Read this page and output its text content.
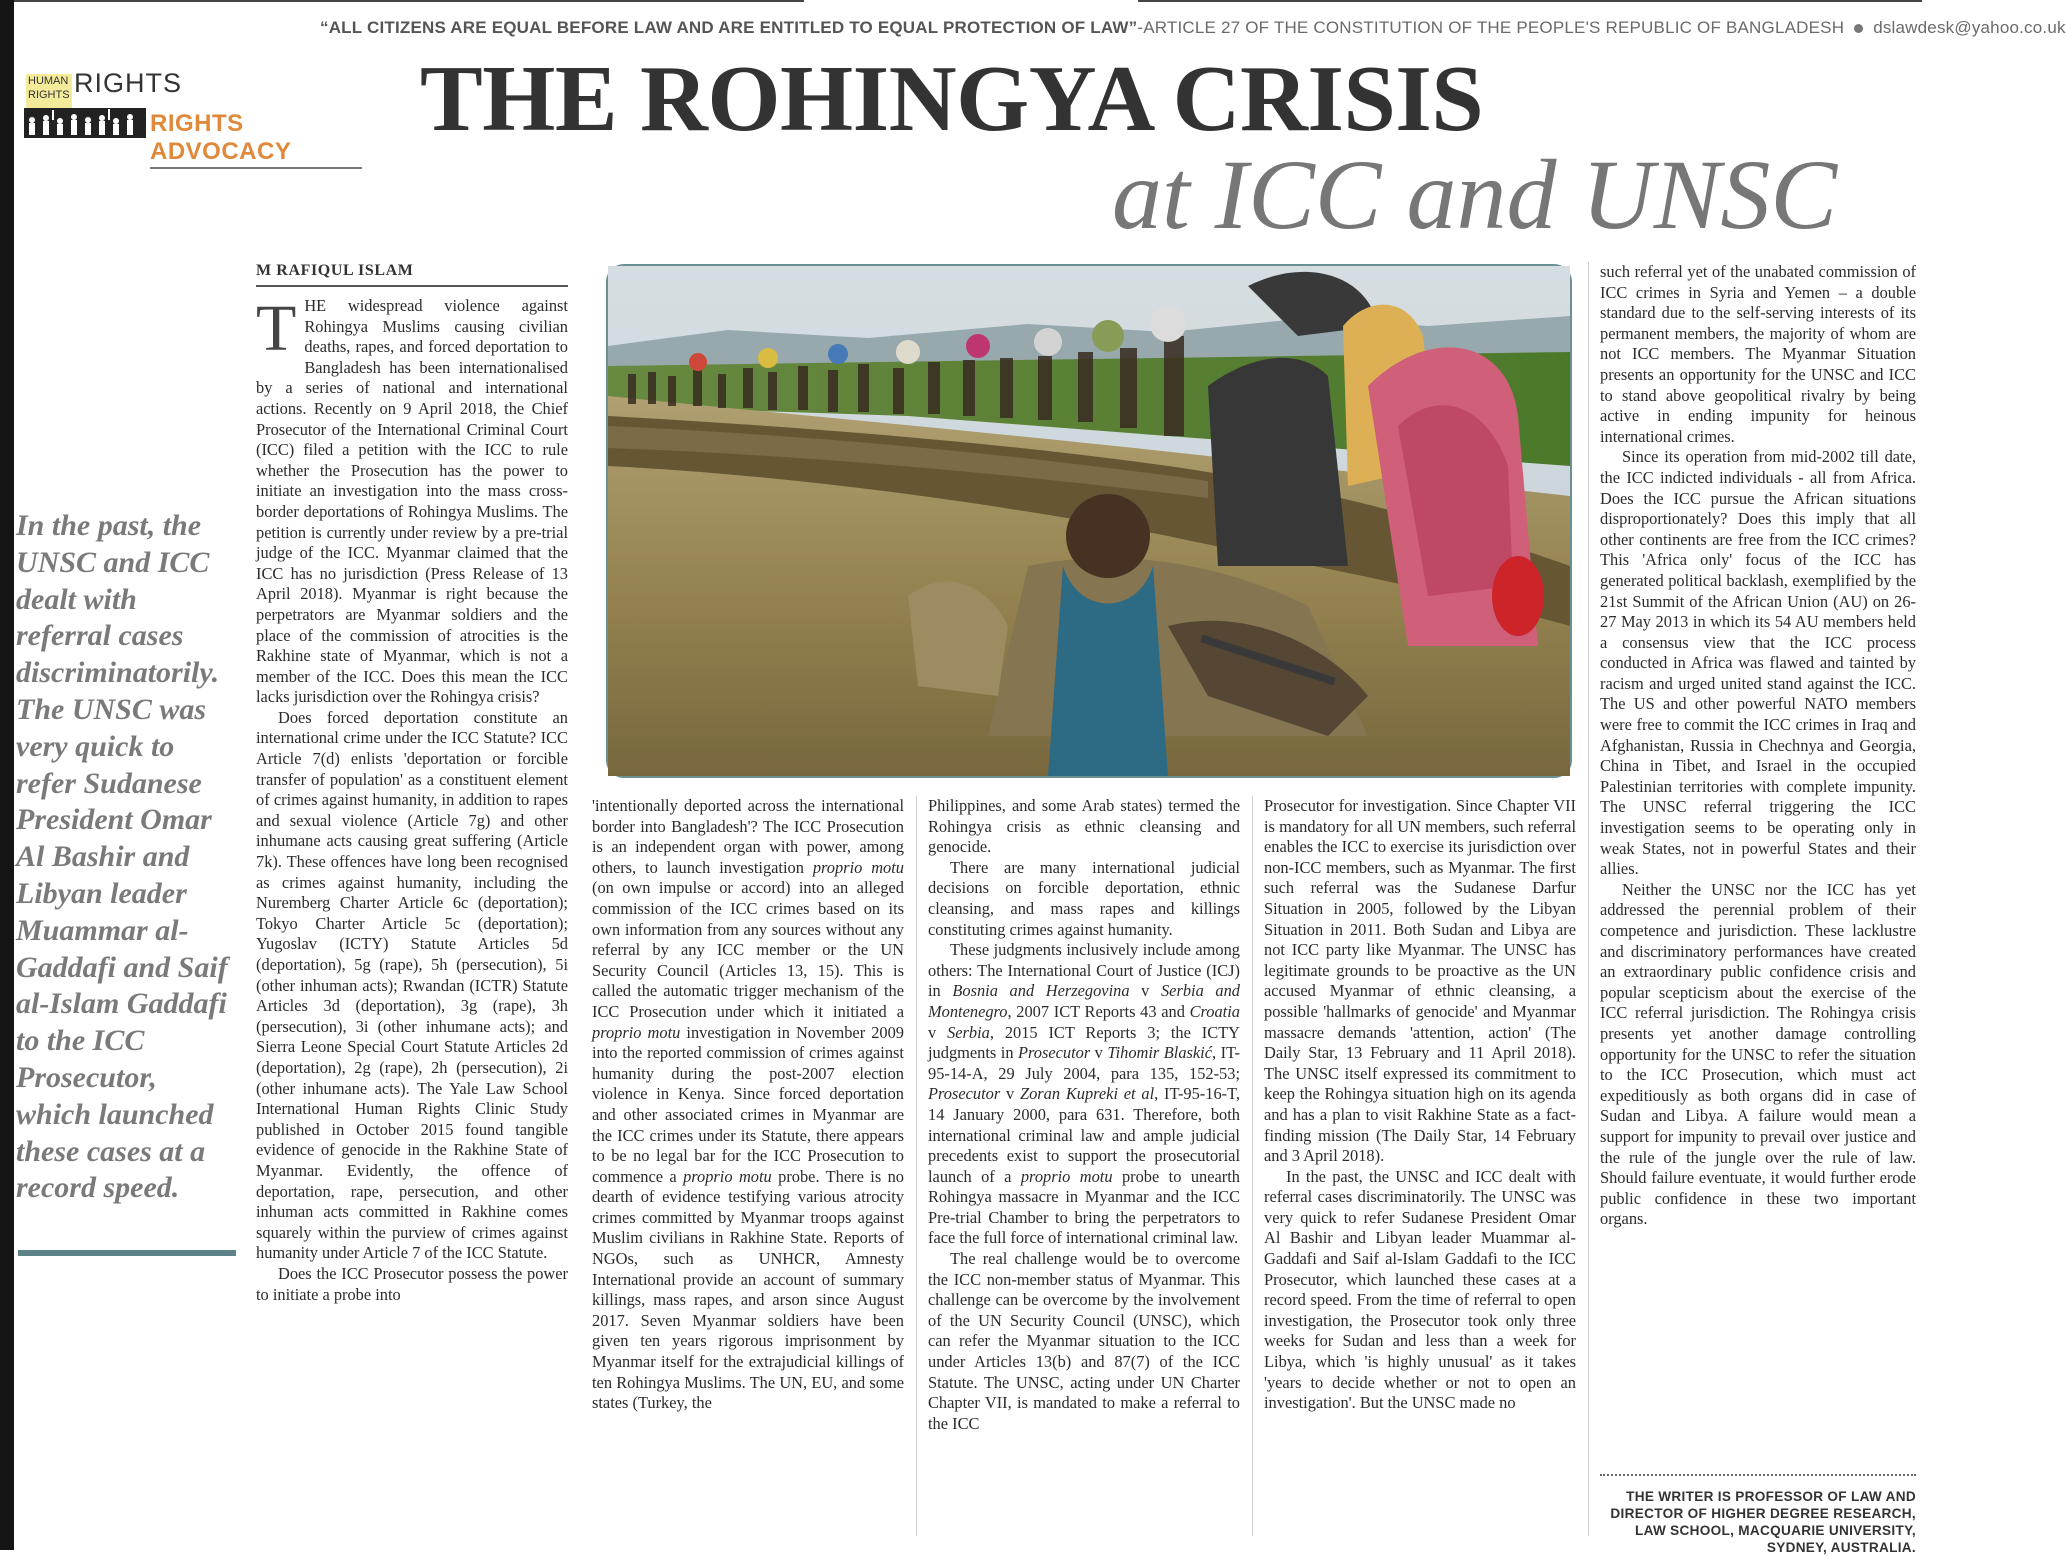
“ALL CITIZENS ARE EQUAL BEFORE LAW AND ARE ENTITLED TO EQUAL PROTECTION OF LAW”-ARTICLE 27 OF THE CONSTITUTION OF THE PEOPLE'S REPUBLIC OF BANGLADESH dslawdesk@yahoo.co.uk
HUMAN
RIGHTS RIGHTS
RIGHTS ADVOCACY
THE ROHINGYA CRISIS
at ICC and UNSC
M RAFIQUL ISLAM
In the past, the UNSC and ICC dealt with referral cases discriminatorily. The UNSC was very quick to refer Sudanese President Omar Al Bashir and Libyan leader Muammar al-Gaddafi and Saif al-Islam Gaddafi to the ICC Prosecutor, which launched these cases at a record speed.

THE widespread violence against Rohingya Muslims causing civilian deaths, rapes, and forced deportation to Bangladesh has been internationalised by a series of national and international actions. Recently on 9 April 2018, the Chief Prosecutor of the International Criminal Court (ICC) filed a petition with the ICC to rule whether the Prosecution has the power to initiate an investigation into the mass cross-border deportations of Rohingya Muslims. The petition is currently under review by a pre-trial judge of the ICC. Myanmar claimed that the ICC has no jurisdiction (Press Release of 13 April 2018). Myanmar is right because the perpetrators are Myanmar soldiers and the place of the commission of atrocities is the Rakhine state of Myanmar, which is not a member of the ICC. Does this mean the ICC lacks jurisdiction over the Rohingya crisis?

Does forced deportation constitute an international crime under the ICC Statute? ICC Article 7(d) enlists 'deportation or forcible transfer of population' as a constituent element of crimes against humanity, in addition to rapes and sexual violence (Article 7g) and other inhumane acts causing great suffering (Article 7k). These offences have long been recognised as crimes against humanity, including the Nuremberg Charter Article 6c (deportation); Tokyo Charter Article 5c (deportation); Yugoslav (ICTY) Statute Articles 5d (deportation), 5g (rape), 5h (persecution), 5i (other inhuman acts); Rwandan (ICTR) Statute Articles 3d (deportation), 3g (rape), 3h (persecution), 3i (other inhumane acts); and Sierra Leone Special Court Statute Articles 2d (deportation), 2g (rape), 2h (persecution), 2i (other inhumane acts). The Yale Law School International Human Rights Clinic Study published in October 2015 found tangible evidence of genocide in the Rakhine State of Myanmar. Evidently, the offence of deportation, rape, persecution, and other inhuman acts committed in Rakhine comes squarely within the purview of crimes against humanity under Article 7 of the ICC Statute.

Does the ICC Prosecutor possess the power to initiate a probe into

'intentionally deported across the international border into Bangladesh'? The ICC Prosecution is an independent organ with power, among others, to launch investigation proprio motu (on own impulse or accord) into an alleged commission of the ICC crimes based on its own information from any sources without any referral by any ICC member or the UN Security Council (Articles 13, 15). This is called the automatic trigger mechanism of the ICC Prosecution under which it initiated a proprio motu investigation in November 2009 into the reported commission of crimes against humanity during the post-2007 election violence in Kenya. Since forced deportation and other associated crimes in Myanmar are the ICC crimes under its Statute, there appears to be no legal bar for the ICC Prosecution to commence a proprio motu probe. There is no dearth of evidence testifying various atrocity crimes committed by Myanmar troops against Muslim civilians in Rakhine State. Reports of NGOs, such as UNHCR, Amnesty International provide an account of summary killings, mass rapes, and arson since August 2017. Seven Myanmar soldiers have been given ten years rigorous imprisonment by Myanmar itself for the extrajudicial killings of ten Rohingya Muslims. The UN, EU, and some states (Turkey, the

Philippines, and some Arab states) termed the Rohingya crisis as ethnic cleansing and genocide.

There are many international judicial decisions on forcible deportation, ethnic cleansing, and mass rapes and killings constituting crimes against humanity.

These judgments inclusively include among others: The International Court of Justice (ICJ) in Bosnia and Herzegovina v Serbia and Montenegro, 2007 ICT Reports 43 and Croatia v Serbia, 2015 ICT Reports 3; the ICTY judgments in Prosecutor v Tihomir Blaskić, IT-95-14-A, 29 July 2004, para 135, 152-53; Prosecutor v Zoran Kupreki et al, IT-95-16-T, 14 January 2000, para 631. Therefore, both international criminal law and ample judicial precedents exist to support the prosecutorial launch of a proprio motu probe to unearth Rohingya massacre in Myanmar and the ICC Pre-trial Chamber to bring the perpetrators to face the full force of international criminal law.

The real challenge would be to overcome the ICC non-member status of Myanmar. This challenge can be overcome by the involvement of the UN Security Council (UNSC), which can refer the Myanmar situation to the ICC under Articles 13(b) and 87(7) of the ICC Statute. The UNSC, acting under UN Charter Chapter VII, is mandated to make a referral to the ICC

Prosecutor for investigation. Since Chapter VII is mandatory for all UN members, such referral enables the ICC to exercise its jurisdiction over non-ICC members, such as Myanmar. The first such referral was the Sudanese Darfur Situation in 2005, followed by the Libyan Situation in 2011. Both Sudan and Libya are not ICC party like Myanmar. The UNSC has legitimate grounds to be proactive as the UN accused Myanmar of ethnic cleansing, a possible 'hallmarks of genocide' and Myanmar massacre demands 'attention, action' (The Daily Star, 13 February and 11 April 2018). The UNSC itself expressed its commitment to keep the Rohingya situation high on its agenda and has a plan to visit Rakhine State as a fact-finding mission (The Daily Star, 14 February and 3 April 2018).

In the past, the UNSC and ICC dealt with referral cases discriminatorily. The UNSC was very quick to refer Sudanese President Omar Al Bashir and Libyan leader Muammar al-Gaddafi and Saif al-Islam Gaddafi to the ICC Prosecutor, which launched these cases at a record speed. From the time of referral to open investigation, the Prosecutor took only three weeks for Sudan and less than a week for Libya, which 'is highly unusual' as it takes 'years to decide whether or not to open an investigation'. But the UNSC made no

such referral yet of the unabated commission of ICC crimes in Syria and Yemen – a double standard due to the self-serving interests of its permanent members, the majority of whom are not ICC members. The Myanmar Situation presents an opportunity for the UNSC and ICC to stand above geopolitical rivalry by being active in ending impunity for heinous international crimes.

Since its operation from mid-2002 till date, the ICC indicted individuals - all from Africa. Does the ICC pursue the African situations disproportionately? Does this imply that all other continents are free from the ICC crimes? This 'Africa only' focus of the ICC has generated political backlash, exemplified by the 21st Summit of the African Union (AU) on 26-27 May 2013 in which its 54 AU members held a consensus view that the ICC process conducted in Africa was flawed and tainted by racism and urged united stand against the ICC. The US and other powerful NATO members were free to commit the ICC crimes in Iraq and Afghanistan, Russia in Chechnya and Georgia, China in Tibet, and Israel in the occupied Palestinian territories with complete impunity. The UNSC referral triggering the ICC investigation seems to be operating only in weak States, not in powerful States and their allies.

Neither the UNSC nor the ICC has yet addressed the perennial problem of their competence and jurisdiction. These lacklustre and discriminatory performances have created an extraordinary public confidence crisis and popular scepticism about the exercise of the ICC referral jurisdiction. The Rohingya crisis presents yet another damage controlling opportunity for the UNSC to refer the situation to the ICC Prosecution, which must act expeditiously as both organs did in case of Sudan and Libya. A failure would mean a support for impunity to prevail over justice and the rule of the jungle over the rule of law. Should failure eventuate, it would further erode public confidence in these two important organs.

THE WRITER IS PROFESSOR OF LAW AND DIRECTOR OF HIGHER DEGREE RESEARCH, LAW SCHOOL, MACQUARIE UNIVERSITY, SYDNEY, AUSTRALIA.
